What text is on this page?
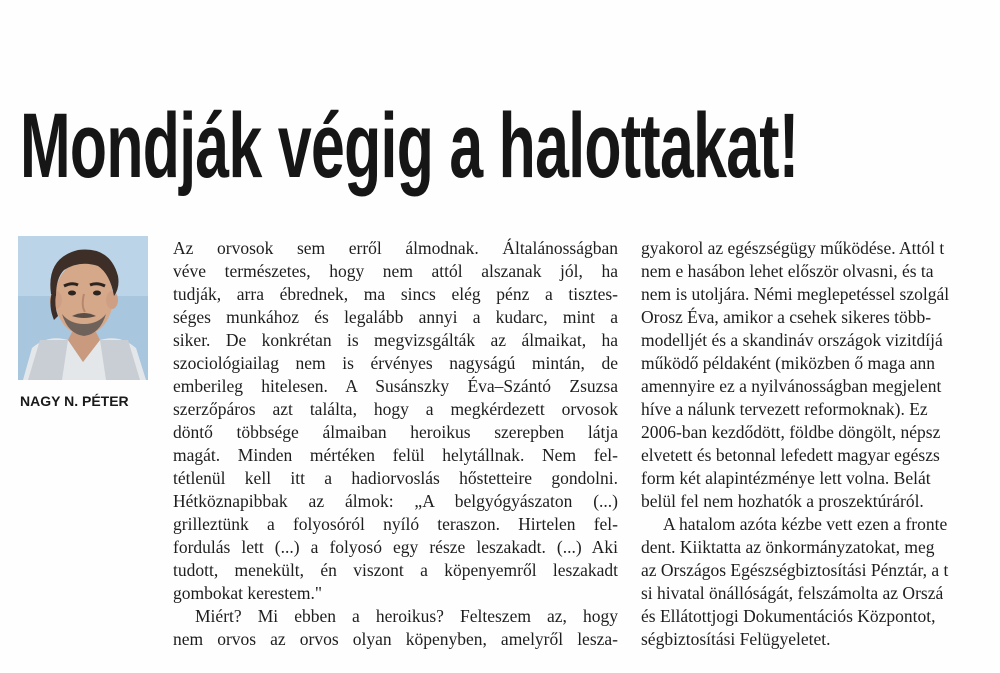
Mondják végig a halottakat!
NAGY N. PÉTER
Az orvosok sem erről álmodnak. Általánosságban
véve természetes, hogy nem attól alszanak jól, ha
tudják, arra ébrednek, ma sincs elég pénz a tisztes-
séges munkához és legalább annyi a kudarc, mint a
siker. De konkrétan is megvizsgálták az álmaikat, ha
szociológiailag nem is érvényes nagyságú mintán, de
emberileg hitelesen. A Susánszky Éva–Szántó Zsuzsa
szerzőpáros azt találta, hogy a megkérdezett orvosok
döntő többsége álmaiban heroikus szerepben látja
magát. Minden mértéken felül helytállnak. Nem fel-
tétlenül kell itt a hadiorvoslás hőstetteire gondolni.
Hétköznapibbak az álmok: „A belgyógyászaton (...)
grilleztünk a folyosóról nyíló teraszon. Hirtelen fel-
fordulás lett (...) a folyosó egy része leszakadt. (...) Aki
tudott, menekült, én viszont a köpenyemről leszakadt
gombokat kerestem."
Miért? Mi ebben a heroikus? Felteszem az, hogy
nem orvos az orvos olyan köpenyben, amelyről lesza-
gyakorol az egészségügy működése. Attól t
nem e hasábon lehet először olvasni, és ta
nem is utoljára. Némi meglepetéssel szolgál
Orosz Éva, amikor a csehek sikeres több-
modelljét és a skandináv országok vizitdíjá
működő példaként (miközben ő maga ann
amennyire ez a nyilvánosságban megjelent
híve a nálunk tervezett reformoknak). Ez
2006-ban kezdődött, földbe döngölt, népsz
elvetett és betonnal lefedett magyar egészs
form két alapintézménye lett volna. Belát
belül fel nem hozhatók a proszektúráról.
A hatalom azóta kézbe vett ezen a fronte
dent. Kiiktatta az önkormányzatokat, meg
az Országos Egészségbiztosítási Pénztár, a t
si hivatal önállóságát, felszámolta az Orszá
és Ellátottjogi Dokumentációs Központot,
ségbiztosítási Felügyeletet.
